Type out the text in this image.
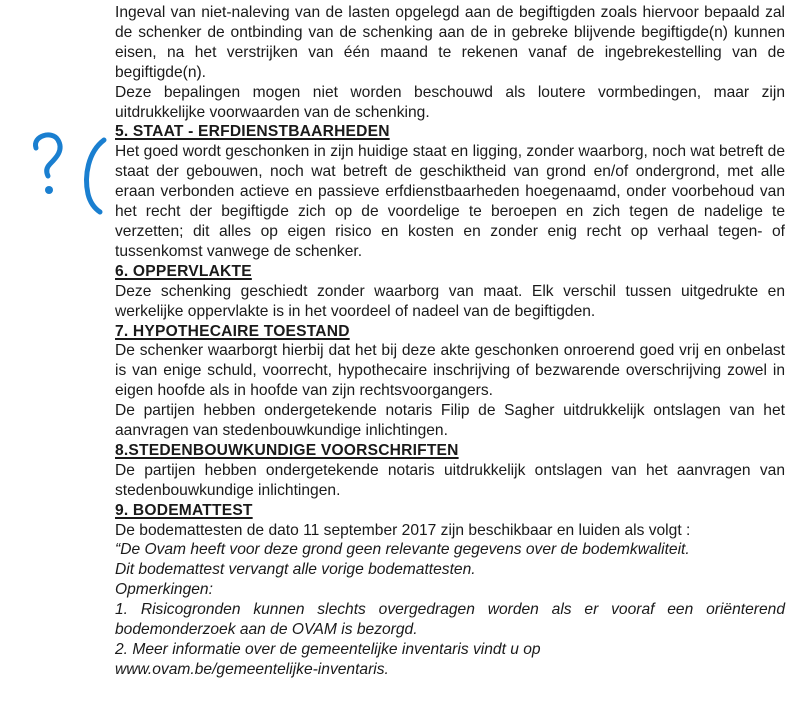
Ingeval van niet-naleving van de lasten opgelegd aan de begiftigden zoals hiervoor bepaald zal de schenker de ontbinding van de schenking aan de in gebreke blijvende begiftigde(n) kunnen eisen, na het verstrijken van één maand te rekenen vanaf de ingebrekestelling van de begiftigde(n).

Deze bepalingen mogen niet worden beschouwd als loutere vormbedingen, maar zijn uitdrukkelijke voorwaarden van de schenking.

5. STAAT - ERFDIENSTBAARHEDEN

Het goed wordt geschonken in zijn huidige staat en ligging, zonder waarborg, noch wat betreft de staat der gebouwen, noch wat betreft de geschiktheid van grond en/of ondergrond, met alle eraan verbonden actieve en passieve erfdienstbaarheden hoegenaamd, onder voorbehoud van het recht der begiftigde zich op de voordelige te beroepen en zich tegen de nadelige te verzetten; dit alles op eigen risico en kosten en zonder enig recht op verhaal tegen- of tussenkomst vanwege de schenker.

6. OPPERVLAKTE

Deze schenking geschiedt zonder waarborg van maat. Elk verschil tussen uitgedrukte en werkelijke oppervlakte is in het voordeel of nadeel van de begiftigden.

7. HYPOTHECAIRE TOESTAND

De schenker waarborgt hierbij dat het bij deze akte geschonken onroerend goed vrij en onbelast is van enige schuld, voorrecht, hypothecaire inschrijving of bezwarende overschrijving zowel in eigen hoofde als in hoofde van zijn rechtsvoorgangers.

De partijen hebben ondergetekende notaris Filip de Sagher uitdrukkelijk ontslagen van het aanvragen van stedenbouwkundige inlichtingen.

8.STEDENBOUWKUNDIGE VOORSCHRIFTEN

De partijen hebben ondergetekende notaris uitdrukkelijk ontslagen van het aanvragen van stedenbouwkundige inlichtingen.

9. BODEMATTEST

De bodemattesten de dato 11 september 2017 zijn beschikbaar en luiden als volgt :

“De Ovam heeft voor deze grond geen relevante gegevens over de bodemkwaliteit.
Dit bodemattest vervangt alle vorige bodemattesten.
Opmerkingen:

1. Risicogronden kunnen slechts overgedragen worden als er vooraf een oriënterend bodemonderzoek aan de OVAM is bezorgd.

2. Meer informatie over de gemeentelijke inventaris vindt u op
www.ovam.be/gemeentelijke-inventaris.
